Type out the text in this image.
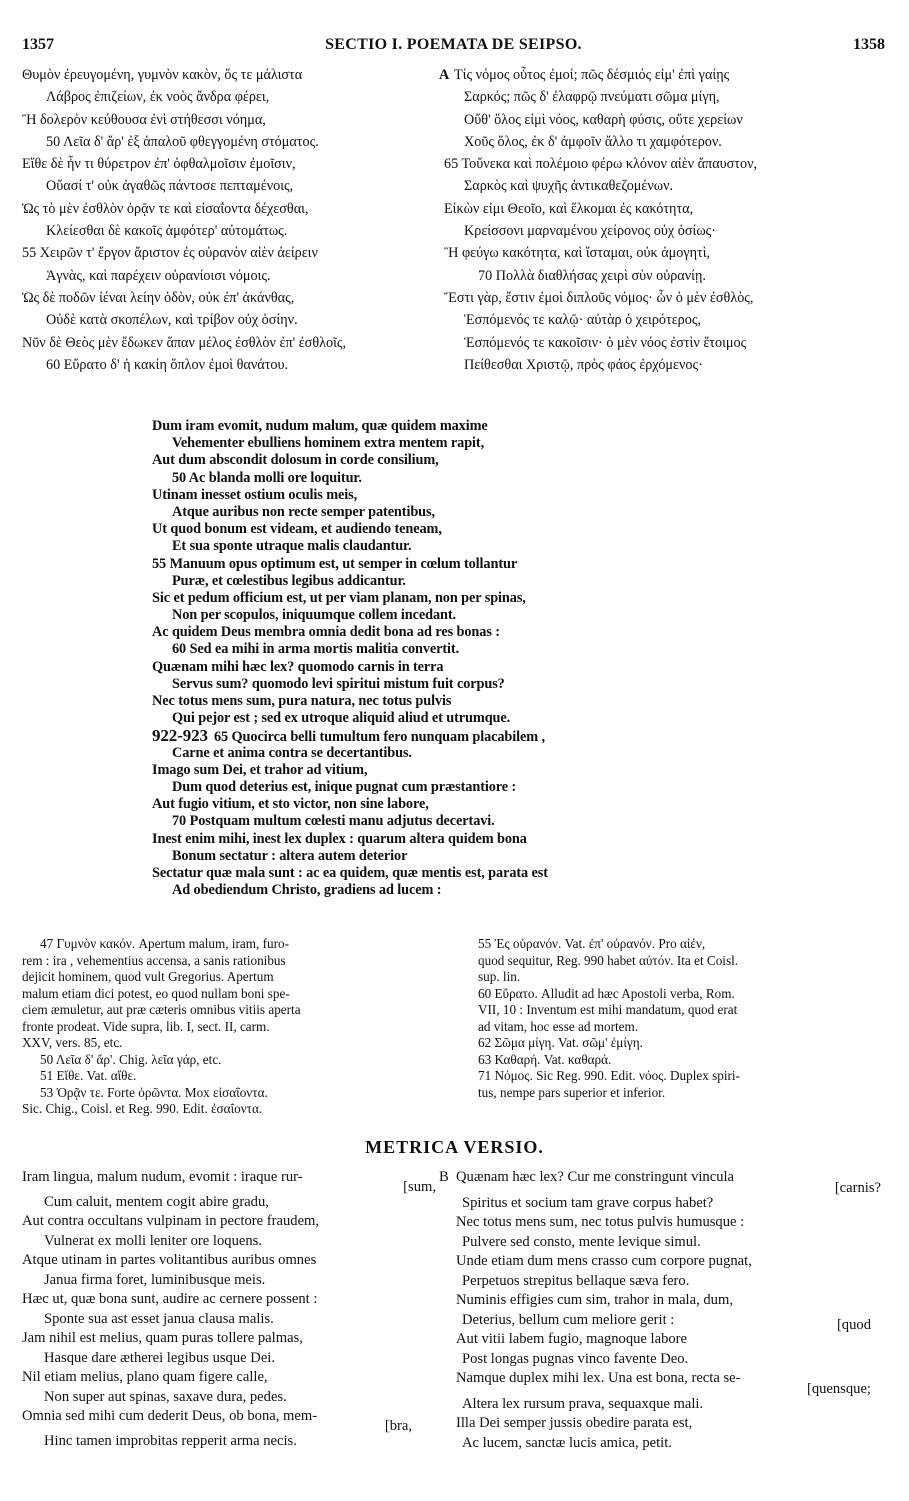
1357	SECTIO I. POEMATA DE SEIPSO.	1358
Θυμὸν ἐρευγομένη, γυμνὸν κακὸν, ὅς τε μάλιστα
Λάβρος ἐπιζείων, ἐκ νοὸς ἄνδρα φέρει,
Ἢ δολερὸν κεύθουσα ἐνὶ στήθεσσι νόημα,
50 Λεῖα δ' ἄρ' ἐξ ἁπαλοῦ φθεγγομένη στόματος.
Εἴθε δὲ ἦν τι θύρετρον ἐπ' ὀφθαλμοῖσιν ἐμοῖσιν,
Οὔασί τ' οὐκ ἀγαθῶς πάντοσε πεπταμένοις,
Ὡς τὸ μὲν ἐσθλὸν ὁρᾷν τε καὶ εἰσαΐοντα δέχεσθαι,
Κλείεσθαι δὲ κακοῖς ἀμφότερ' αὐτομάτως.
55 Χειρῶν τ' ἔργον ἄριστον ἐς οὐρανὸν αἰὲν ἀείρειν
Ἁγνὰς, καὶ παρέχειν οὐρανίοισι νόμοις.
Ὡς δὲ ποδῶν ἰέναι λείην ὁδὸν, οὐκ ἐπ' ἀκάνθας,
Οὐδὲ κατὰ σκοπέλων, καὶ τρίβον οὐχ ὁσίην.
Νῦν δὲ Θεὸς μὲν ἔδωκεν ἅπαν μέλος ἐσθλὸν ἐπ' ἐσθλοῖς,
60 Εὔρατο δ' ἡ κακίη ὅπλον ἐμοὶ θανάτου.
A Τίς νόμος οὗτος ἐμοί; πῶς δέσμιός εἰμ' ἐπὶ γαίῃς
Σαρκός; πῶς δ' ἐλαφρῷ πνεύματι σῶμα μίγη,
Οὔθ' ὅλος εἰμὶ νόος, καθαρὴ φύσις, οὔτε χερείων
Χοῦς ὅλος, ἐκ δ' ἀμφοῖν ἄλλο τι χαμφότερον.
65 Τοὔνεκα καὶ πολέμοιο φέρω κλόνον αἰὲν ἄπαυστον,
Σαρκὸς καὶ ψυχῆς ἀντικαθεζομένων.
Εἰκὼν εἰμι Θεοῖο, καὶ ἕλκομαι ἐς κακότητα,
Κρείσσονι μαρναμένου χείρονος οὐχ ὁσίως·
Ἢ φεύγω κακότητα, καὶ ἵσταμαι, οὐκ ἀμογητὶ,
70 Πολλὰ διαθλήσας χειρὶ σὺν οὐρανίῃ.
Ἔστι γὰρ, ἔστιν ἐμοὶ διπλοῦς νόμος· ὧν ὁ μὲν ἐσθλὸς,
Ἑσπόμενός τε καλῷ· αὐτὰρ ὁ χειρότερος,
Ἑσπόμενός τε κακοῖσιν· ὁ μὲν νόος ἐστὶν ἕτοιμος
Πείθεσθαι Χριστῷ, πρὸς φάος ἐρχόμενος·
Dum iram evomit, nudum malum, quæ quidem maxime
Vehementer ebulliens hominem extra mentem rapit,
Aut dum abscondit dolosum in corde consilium,
50 Ac blanda molli ore loquitur.
Utinam inesset ostium oculis meis,
Atque auribus non recte semper patentibus,
Ut quod bonum est videam, et audiendo teneam,
Et sua sponte utraque malis claudantur.
55 Manuum opus optimum est, ut semper in cœlum tollantur
Puræ, et cœlestibus legibus addicantur.
Sic et pedum officium est, ut per viam planam, non per spinas,
Non per scopulos, iniquumque collem incedant.
Ac quidem Deus membra omnia dedit bona ad res bonas :
60 Sed ea mihi in arma mortis malitia convertit.
Quænam mihi hæc lex? quomodo carnis in terra
Servus sum? quomodo levi spiritui mistum fuit corpus?
Nec totus mens sum, pura natura, nec totus pulvis
Qui pejor est ; sed ex utroque aliquid aliud et utrumque.
922-923 65 Quocirca belli tumultum fero nunquam placabilem ,
Carne et anima contra se decertantibus.
Imago sum Dei, et trahor ad vitium,
Dum quod deterius est, inique pugnat cum præstantiore :
Aut fugio vitium, et sto victor, non sine labore,
70 Postquam multum cœlesti manu adjutus decertavi.
Inest enim mihi, inest lex duplex : quarum altera quidem bona
Bonum sectatur : altera autem deterior
Sectatur quæ mala sunt : ac ea quidem, quæ mentis est, parata est
Ad obediendum Christo, gradiens ad lucem :
47 Γυμνὸν κακόν. Apertum malum, iram, furo-
rem : ira , vehementius accensa, a sanis rationibus
dejicit hominem, quod vult Gregorius. Apertum
malum etiam dici potest, eo quod nullam boni spe-
ciem æmuletur, aut præ cæteris omnibus vitiis aperta
fronte prodeat. Vide supra, lib. I, sect. II, carm.
XXV, vers. 85, etc.
50 Λεῖα δ' ἄρ'. Chig. λεῖα γάρ, etc.
51 Εἴθε. Vat. αἴθε.
53 Ὁρᾷν τε. Forte ὁρῶντα. Mox εἰσαΐοντα.
Sic. Chig., Coisl. et Reg. 990. Edit. ἐσαΐοντα.
55 Ἐς οὐρανόν. Vat. ἐπ' οὐρανόν. Pro αἰέν,
quod sequitur, Reg. 990 habet αὐτόν. Ita et Coisl.
sup. lin.
60 Εὔρατο. Alludit ad hæc Apostoli verba, Rom.
VII, 10 : Inventum est mihi mandatum, quod erat
ad vitam, hoc esse ad mortem.
62 Σῶμα μίγη. Vat. σῶμ' ἐμίγη.
63 Καθαρή. Vat. καθαρά.
71 Νόμος. Sic Reg. 990. Edit. νόος. Duplex spiri-
tus, nempe pars superior et inferior.
METRICA VERSIO.
Iram lingua, malum nudum, evomit : iraque rur-
[sum,
Cum caluit, mentem cogit abire gradu,
Aut contra occultans vulpinam in pectore fraudem,
Vulnerat ex molli leniter ore loquens.
Atque utinam in partes volitantibus auribus omnes
Janua firma foret, luminibusque meis.
Hæc ut, quæ bona sunt, audire ac cernere possent :
Sponte sua ast esset janua clausa malis.
Jam nihil est melius, quam puras tollere palmas,
Hasque dare æthereі legibus usque Dei.
Nil etiam melius, plano quam figere calle,
Non super aut spinas, saxave dura, pedes.
Omnia sed mihi cum dederit Deus, ob bona, mem-
[bra,
Hinc tamen improbitas repperit arma necis.
B Quænam hæc lex? Cur me constringunt vincula
[carnis?
Spiritus et socium tam grave corpus habet?
Nec totus mens sum, nec totus pulvis humusque :
Pulvere sed consto, mente levique simul.
Unde etiam dum mens crasso cum corpore pugnat,
Perpetuos strepitus bellaque sæva fero.
Numinis effigies cum sim, trahor in mala, dum,
Deterius, bellum cum meliore gerit :	[quod
Aut vitii labem fugio, magnoque labore
Post longas pugnas vinco favente Deo.
Namque duplex mihi lex. Una est bona, recta se-
[quensque;
Altera lex rursum prava, sequaxque mali.
Illa Dei semper jussis obedire parata est,
Ac lucem, sanctæ lucis amica, petit.
